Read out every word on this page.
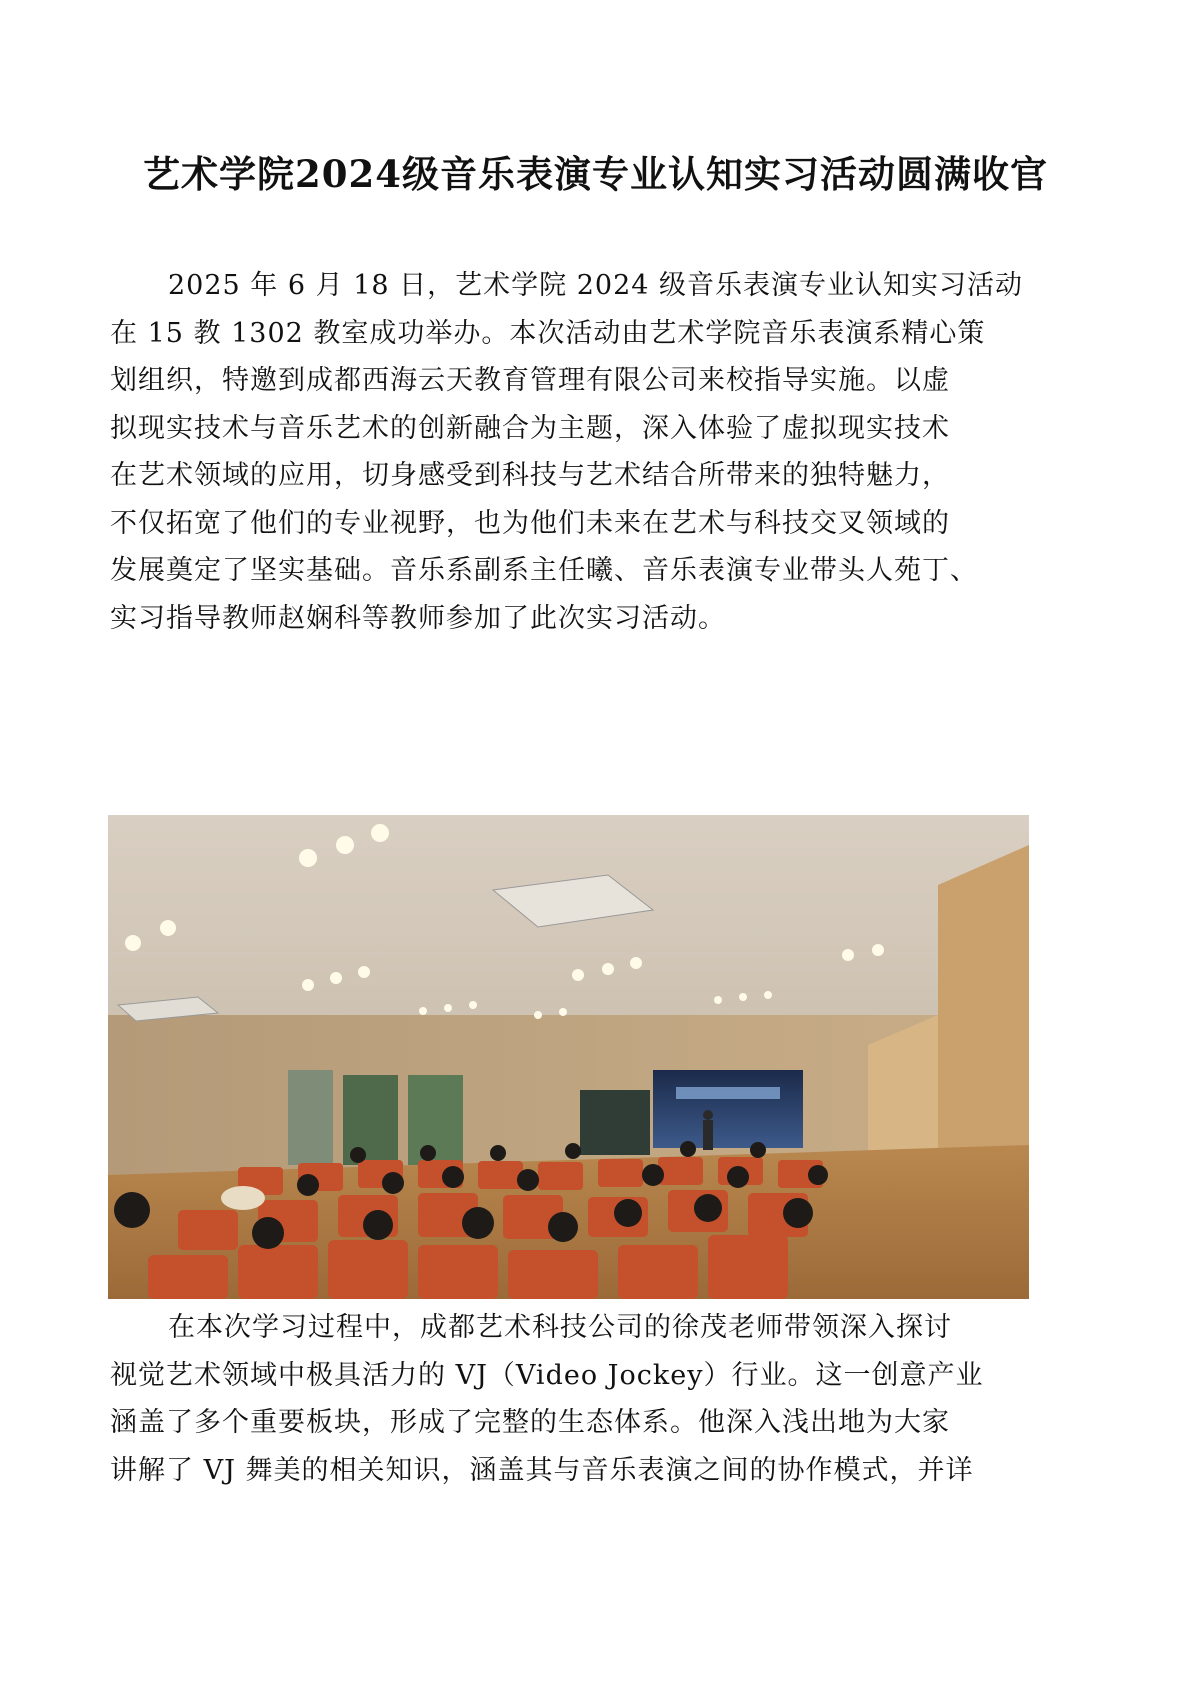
艺术学院2024级音乐表演专业认知实习活动圆满收官
2025 年 6 月 18 日，艺术学院 2024 级音乐表演专业认知实习活动
在 15 教 1302 教室成功举办。本次活动由艺术学院音乐表演系精心策
划组织，特邀到成都西海云天教育管理有限公司来校指导实施。以虚
拟现实技术与音乐艺术的创新融合为主题，深入体验了虚拟现实技术
在艺术领域的应用，切身感受到科技与艺术结合所带来的独特魅力，
不仅拓宽了他们的专业视野，也为他们未来在艺术与科技交叉领域的
发展奠定了坚实基础。音乐系副系主任曦、音乐表演专业带头人苑丁、
实习指导教师赵娴科等教师参加了此次实习活动。
在本次学习过程中，成都艺术科技公司的徐茂老师带领深入探讨
视觉艺术领域中极具活力的 VJ（Video Jockey）行业。这一创意产业
涵盖了多个重要板块，形成了完整的生态体系。他深入浅出地为大家
讲解了 VJ 舞美的相关知识，涵盖其与音乐表演之间的协作模式，并详
